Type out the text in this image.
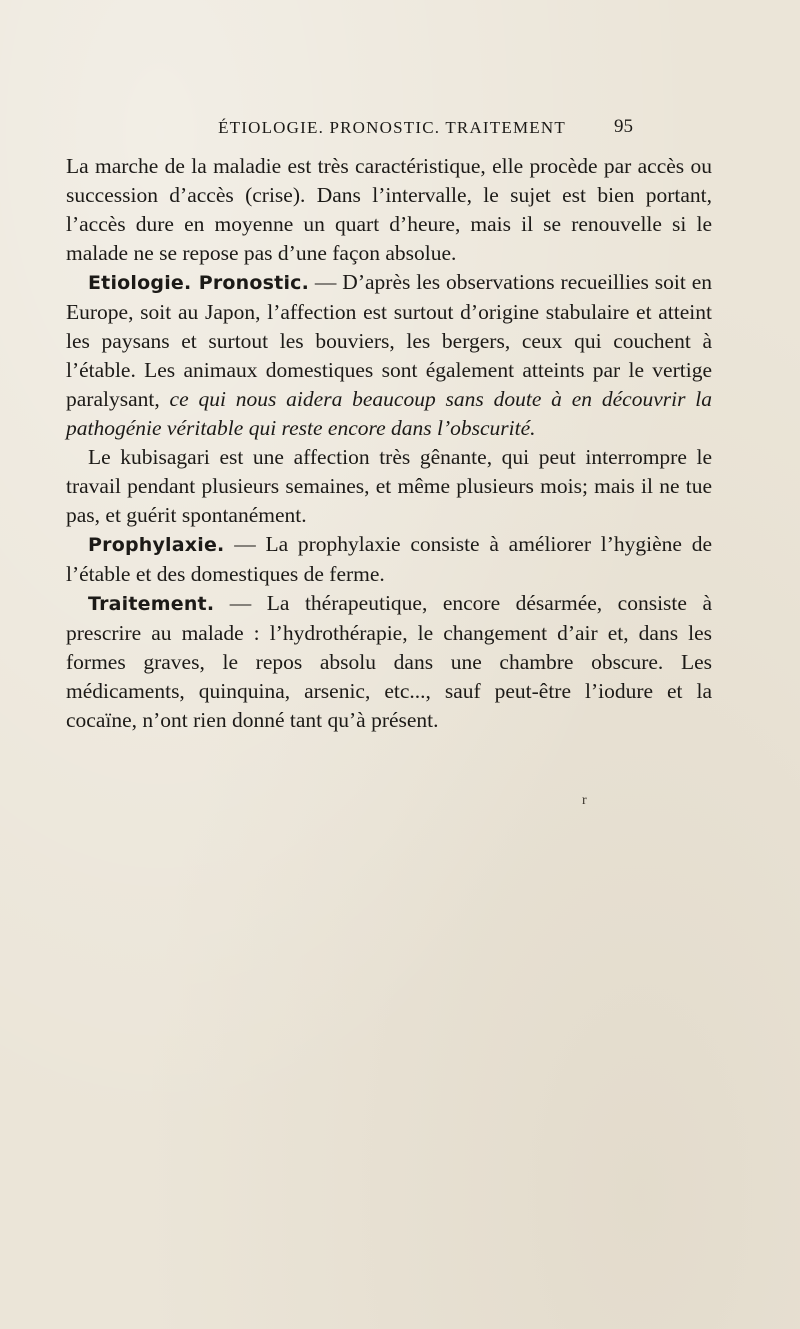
ÉTIOLOGIE. PRONOSTIC. TRAITEMENT	95

La marche de la maladie est très caractéristique, elle procède par accès ou succession d’accès (crise). Dans l’intervalle, le sujet est bien portant, l’accès dure en moyenne un quart d’heure, mais il se renouvelle si le malade ne se repose pas d’une façon absolue.

Etiologie. Pronostic. — D’après les observations recueillies soit en Europe, soit au Japon, l’affection est surtout d’origine stabulaire et atteint les paysans et surtout les bouviers, les bergers, ceux qui couchent à l’étable. Les animaux domestiques sont également atteints par le vertige paralysant, ce qui nous aidera beaucoup sans doute à en découvrir la pathogénie véritable qui reste encore dans l’obscurité.

Le kubisagari est une affection très gênante, qui peut interrompre le travail pendant plusieurs semaines, et même plusieurs mois; mais il ne tue pas, et guérit spontanément.

Prophylaxie. — La prophylaxie consiste à améliorer l’hygiène de l’étable et des domestiques de ferme.

Traitement. — La thérapeutique, encore désarmée, consiste à prescrire au malade : l’hydrothérapie, le changement d’air et, dans les formes graves, le repos absolu dans une chambre obscure. Les médicaments, quinquina, arsenic, etc..., sauf peut-être l’iodure et la cocaïne, n’ont rien donné tant qu’à présent.

r
